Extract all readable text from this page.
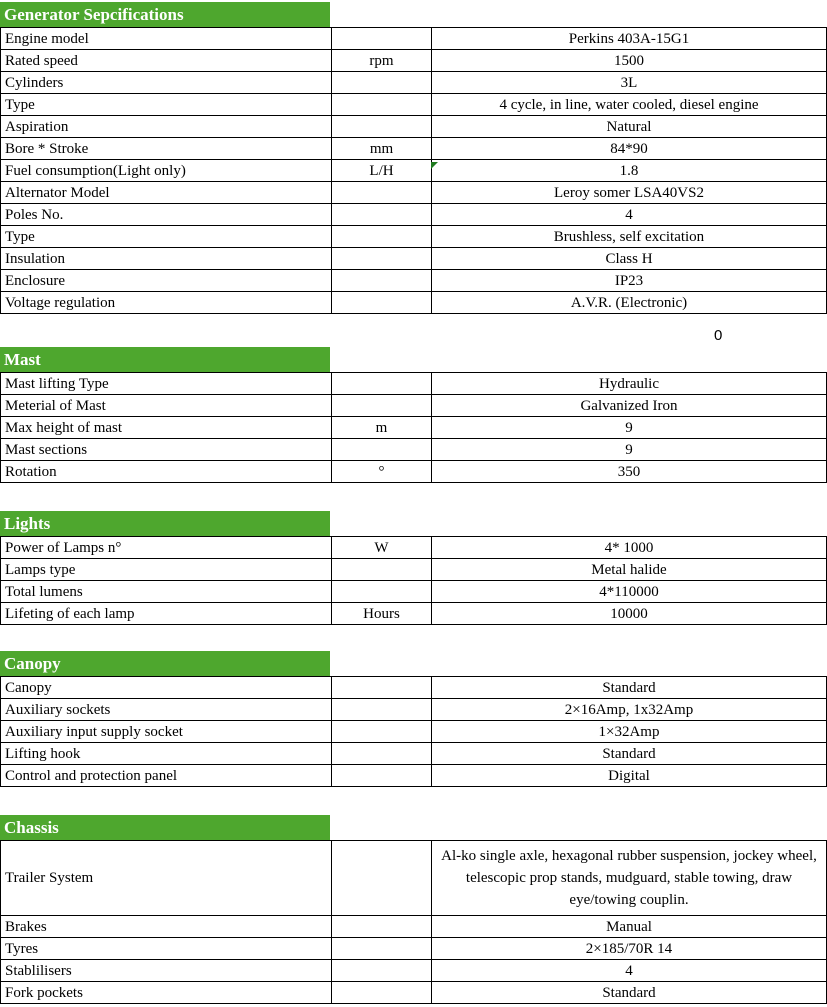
Generator Sepcifications
Engine model		Perkins 403A-15G1
Rated speed	rpm	1500
Cylinders		3L
Type		4 cycle, in line, water cooled, diesel engine
Aspiration		Natural
Bore * Stroke	mm	84*90
Fuel consumption(Light only)	L/H	1.8
Alternator Model		Leroy somer LSA40VS2
Poles No.		4
Type		Brushless, self excitation
Insulation		Class H
Enclosure		IP23
Voltage regulation		A.V.R. (Electronic)
0
Mast
Mast lifting Type		Hydraulic
Meterial of Mast		Galvanized Iron
Max height of mast	m	9
Mast sections		9
Rotation	°	350
Lights
Power of Lamps n°	W	4* 1000
Lamps type		Metal halide
Total lumens		4*110000
Lifeting of each lamp	Hours	10000
Canopy
Canopy		Standard
Auxiliary sockets		2×16Amp, 1x32Amp
Auxiliary input supply socket		1×32Amp
Lifting hook		Standard
Control and protection panel		Digital
Chassis
Trailer System		Al-ko single axle, hexagonal rubber suspension, jockey wheel, telescopic prop stands, mudguard, stable towing, draw eye/towing couplin.
Brakes		Manual
Tyres		2×185/70R 14
Stablilisers		4
Fork pockets		Standard
